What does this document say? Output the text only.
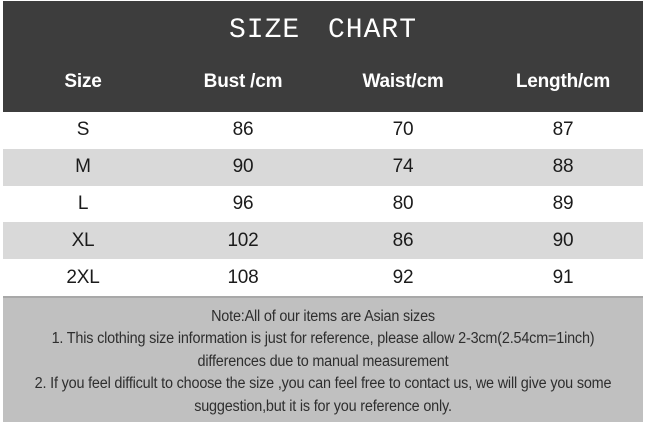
SIZE CHART
Size	Bust /cm	Waist/cm	Length/cm
S	86	70	87
M	90	74	88
L	96	80	89
XL	102	86	90
2XL	108	92	91
Note:All of our items are Asian sizes
1. This clothing size information is just for reference, please allow 2-3cm(2.54cm=1inch)
differences due to manual measurement
2. If you feel difficult to choose the size ,you can feel free to contact us, we will give you some
suggestion,but it is for you reference only.
